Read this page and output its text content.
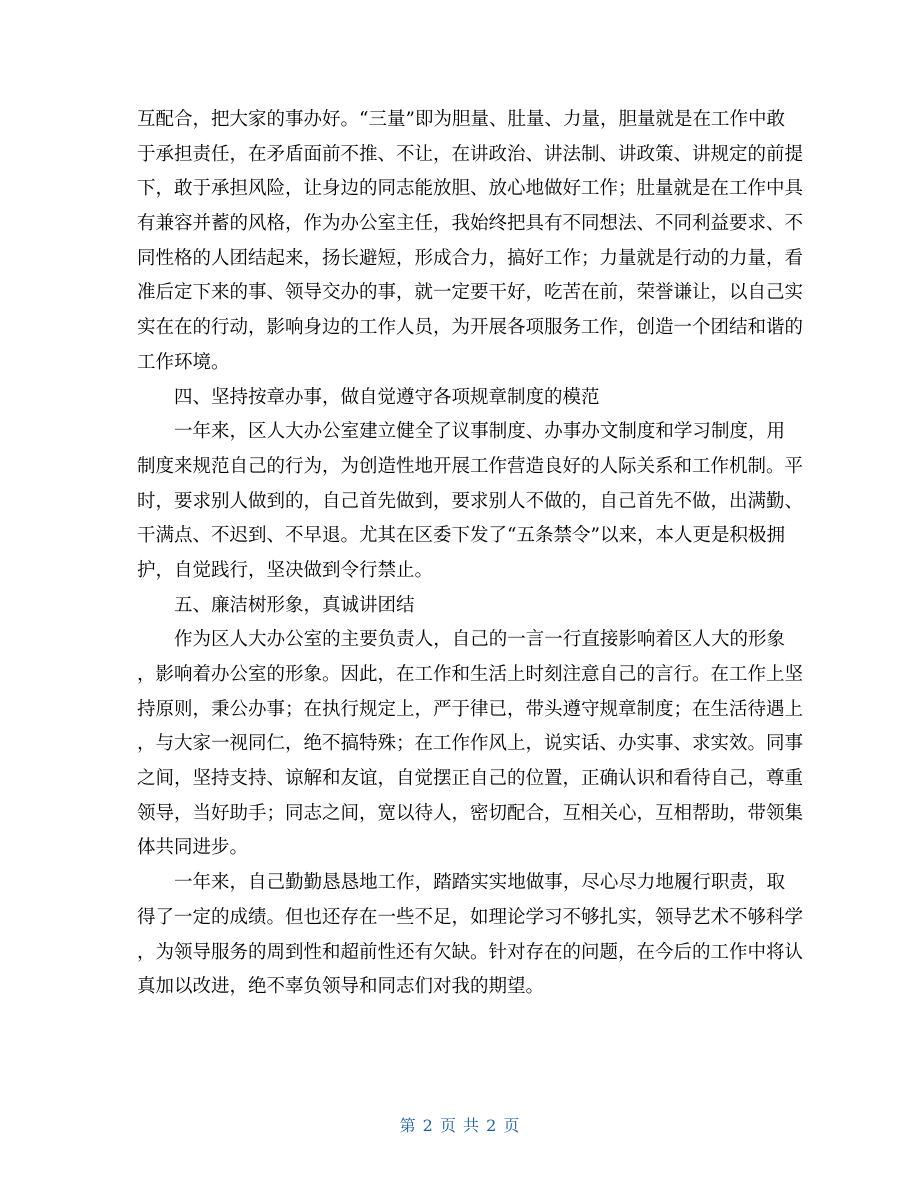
互配合，把大家的事办好。“三量”即为胆量、肚量、力量，胆量就是在工作中敢
于承担责任，在矛盾面前不推、不让，在讲政治、讲法制、讲政策、讲规定的前提
下，敢于承担风险，让身边的同志能放胆、放心地做好工作；肚量就是在工作中具
有兼容并蓄的风格，作为办公室主任，我始终把具有不同想法、不同利益要求、不
同性格的人团结起来，扬长避短，形成合力，搞好工作；力量就是行动的力量，看
准后定下来的事、领导交办的事，就一定要干好，吃苦在前，荣誉谦让，以自己实
实在在的行动，影响身边的工作人员，为开展各项服务工作，创造一个团结和谐的
工作环境。
四、坚持按章办事，做自觉遵守各项规章制度的模范
一年来，区人大办公室建立健全了议事制度、办事办文制度和学习制度，用
制度来规范自己的行为，为创造性地开展工作营造良好的人际关系和工作机制。平
时，要求别人做到的，自己首先做到，要求别人不做的，自己首先不做，出满勤、
干满点、不迟到、不早退。尤其在区委下发了“五条禁令”以来，本人更是积极拥
护，自觉践行，坚决做到令行禁止。
五、廉洁树形象，真诚讲团结
作为区人大办公室的主要负责人，自己的一言一行直接影响着区人大的形象
，影响着办公室的形象。因此，在工作和生活上时刻注意自己的言行。在工作上坚
持原则，秉公办事；在执行规定上，严于律已，带头遵守规章制度；在生活待遇上
，与大家一视同仁，绝不搞特殊；在工作作风上，说实话、办实事、求实效。同事
之间，坚持支持、谅解和友谊，自觉摆正自己的位置，正确认识和看待自己，尊重
领导，当好助手；同志之间，宽以待人，密切配合，互相关心，互相帮助，带领集
体共同进步。
一年来，自己勤勤恳恳地工作，踏踏实实地做事，尽心尽力地履行职责，取
得了一定的成绩。但也还存在一些不足，如理论学习不够扎实，领导艺术不够科学
，为领导服务的周到性和超前性还有欠缺。针对存在的问题，在今后的工作中将认
真加以改进，绝不辜负领导和同志们对我的期望。
第 2 页 共 2 页
